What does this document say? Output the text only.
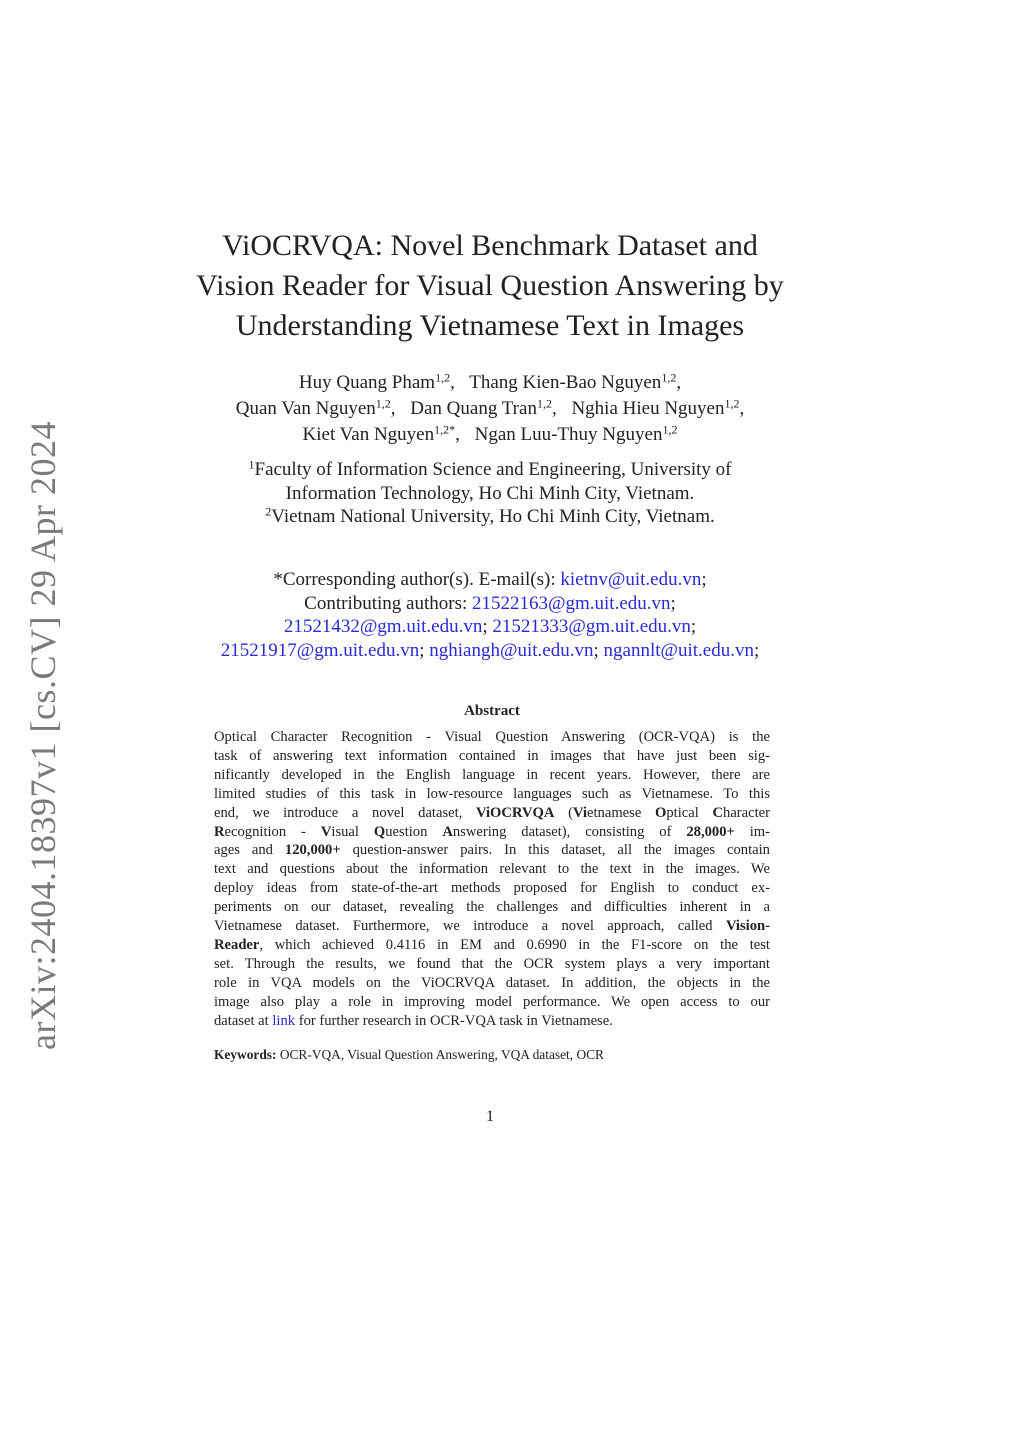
arXiv:2404.18397v1 [cs.CV] 29 Apr 2024
ViOCRVQA: Novel Benchmark Dataset and
Vision Reader for Visual Question Answering by
Understanding Vietnamese Text in Images
Huy Quang Pham$^{1,2}$, Thang Kien-Bao Nguyen$^{1,2}$,
Quan Van Nguyen$^{1,2}$, Dan Quang Tran$^{1,2}$, Nghia Hieu Nguyen$^{1,2}$,
Kiet Van Nguyen$^{1,2*}$, Ngan Luu-Thuy Nguyen$^{1,2}$
$^1$Faculty of Information Science and Engineering, University of
Information Technology, Ho Chi Minh City, Vietnam.
$^2$Vietnam National University, Ho Chi Minh City, Vietnam.
*Corresponding author(s). E-mail(s): kietnv@uit.edu.vn;
Contributing authors: 21522163@gm.uit.edu.vn;
21521432@gm.uit.edu.vn; 21521333@gm.uit.edu.vn;
21521917@gm.uit.edu.vn; nghiangh@uit.edu.vn; ngannlt@uit.edu.vn;
Abstract
Optical Character Recognition - Visual Question Answering (OCR-VQA) is the
task of answering text information contained in images that have just been sig-
nificantly developed in the English language in recent years. However, there are
limited studies of this task in low-resource languages such as Vietnamese. To this
end, we introduce a novel dataset, ViOCRVQA (Vietnamese Optical Character
Recognition - Visual Question Answering dataset), consisting of 28,000+ im-
ages and 120,000+ question-answer pairs. In this dataset, all the images contain
text and questions about the information relevant to the text in the images. We
deploy ideas from state-of-the-art methods proposed for English to conduct ex-
periments on our dataset, revealing the challenges and difficulties inherent in a
Vietnamese dataset. Furthermore, we introduce a novel approach, called Vision-
Reader, which achieved 0.4116 in EM and 0.6990 in the F1-score on the test
set. Through the results, we found that the OCR system plays a very important
role in VQA models on the ViOCRVQA dataset. In addition, the objects in the
image also play a role in improving model performance. We open access to our
dataset at link for further research in OCR-VQA task in Vietnamese.
Keywords: OCR-VQA, Visual Question Answering, VQA dataset, OCR
1
